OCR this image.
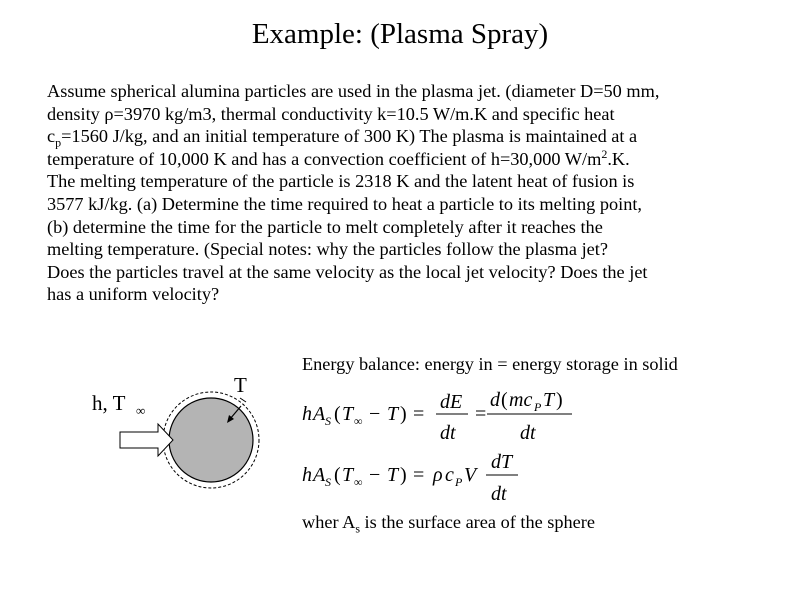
Example: (Plasma Spray)
Assume spherical alumina particles are used in the plasma jet. (diameter D=50 mm,
density ρ=3970 kg/m3, thermal conductivity k=10.5 W/m.K and specific heat
$c_p=1560$ J/kg, and an initial temperature of 300 K) The plasma is maintained at a
temperature of 10,000 K and has a convection coefficient of h=30,000 $W/m^2.K$.
The melting temperature of the particle is 2318 K and the latent heat of fusion is
3577 kJ/kg. (a) Determine the time required to heat a particle to its melting point,
(b) determine the time for the particle to melt completely after it reaches the
melting temperature. (Special notes: why the particles follow the plasma jet?
Does the particles travel at the same velocity as the local jet velocity? Does the jet
has a uniform velocity?
Energy balance: energy in = energy storage in solid
h A S ( T ∞ − T ) =
dE
dt
=
d ( mc P T )
dt
h A S ( T ∞ − T ) = ρ c P V
dT
dt
wher $A_s$ is the surface area of the sphere
h, T ∞
T
